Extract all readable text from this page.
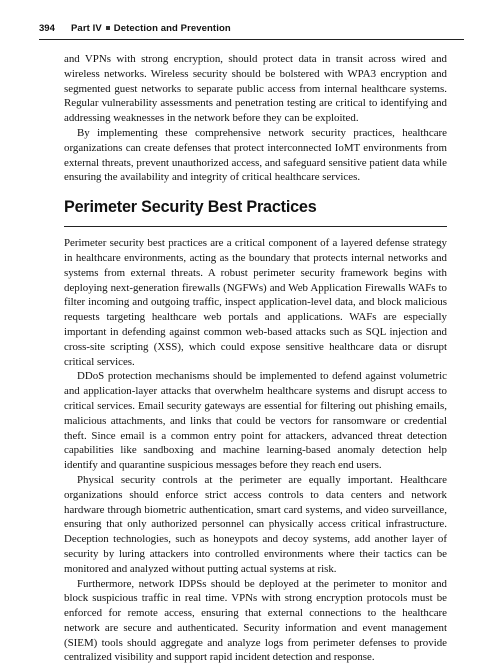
394 Part IV Detection and Prevention

and VPNs with strong encryption, should protect data in transit across wired and wireless networks. Wireless security should be bolstered with WPA3 encryption and segmented guest networks to separate public access from internal healthcare systems. Regular vulnerability assessments and penetration testing are critical to identifying and addressing weaknesses in the network before they can be exploited.

By implementing these comprehensive network security practices, healthcare organizations can create defenses that protect interconnected IoMT environments from external threats, prevent unauthorized access, and safeguard sensitive patient data while ensuring the availability and integrity of critical healthcare services.

Perimeter Security Best Practices

Perimeter security best practices are a critical component of a layered defense strategy in healthcare environments, acting as the boundary that protects internal networks and systems from external threats. A robust perimeter security framework begins with deploying next-generation firewalls (NGFWs) and Web Application Firewalls WAFs to filter incoming and outgoing traffic, inspect application-level data, and block malicious requests targeting healthcare web portals and applications. WAFs are especially important in defending against common web-based attacks such as SQL injection and cross-site scripting (XSS), which could expose sensitive healthcare data or disrupt critical services.

DDoS protection mechanisms should be implemented to defend against volumetric and application-layer attacks that overwhelm healthcare systems and disrupt access to critical services. Email security gateways are essential for filtering out phishing emails, malicious attachments, and links that could be vectors for ransomware or credential theft. Since email is a common entry point for attackers, advanced threat detection capabilities like sandboxing and machine learning-based anomaly detection help identify and quarantine suspicious messages before they reach end users.

Physical security controls at the perimeter are equally important. Healthcare organizations should enforce strict access controls to data centers and network hardware through biometric authentication, smart card systems, and video surveillance, ensuring that only authorized personnel can physically access critical infrastructure. Deception technologies, such as honeypots and decoy systems, add another layer of security by luring attackers into controlled environments where their tactics can be monitored and analyzed without putting actual systems at risk.

Furthermore, network IDPSs should be deployed at the perimeter to monitor and block suspicious traffic in real time. VPNs with strong encryption protocols must be enforced for remote access, ensuring that external connections to the healthcare network are secure and authenticated. Security information and event management (SIEM) tools should aggregate and analyze logs from perimeter defenses to provide centralized visibility and support rapid incident detection and response.
